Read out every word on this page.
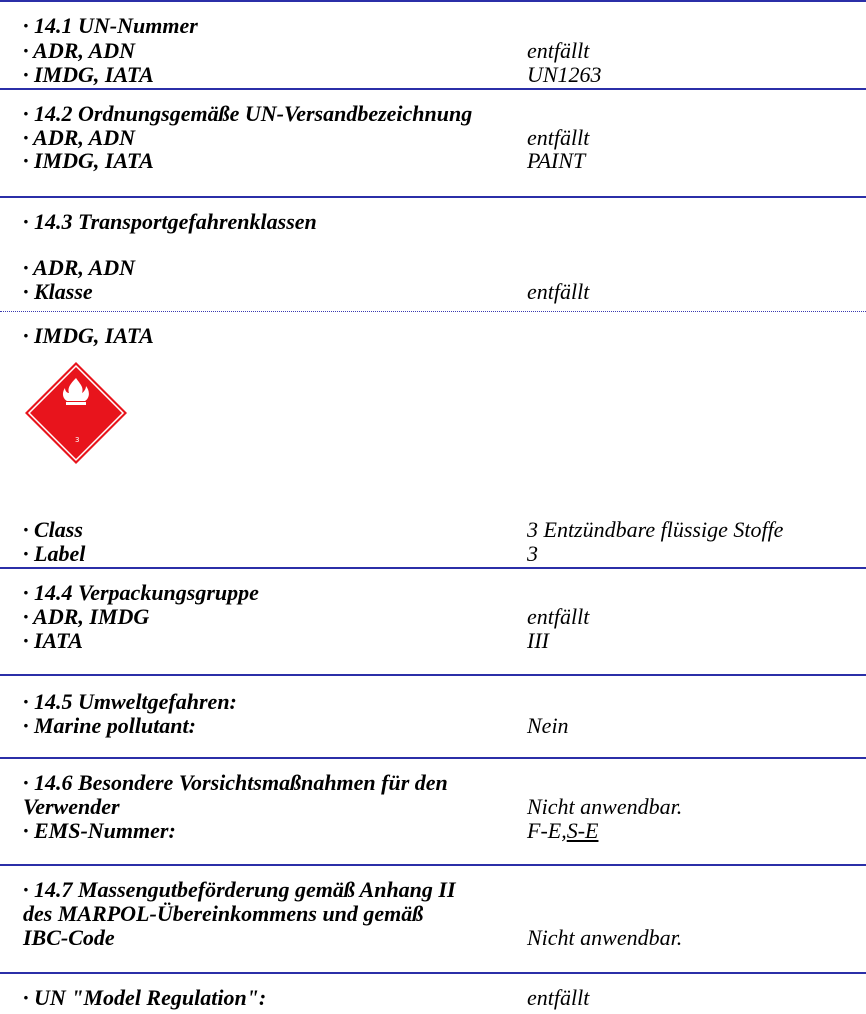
· 14.1 UN-Nummer
· ADR, ADN	entfällt
· IMDG, IATA	UN1263
· 14.2 Ordnungsgemäße UN-Versandbezeichnung
· ADR, ADN	entfällt
· IMDG, IATA	PAINT
· 14.3 Transportgefahrenklassen
· ADR, ADN
· Klasse	entfällt
· IMDG, IATA
3
· Class	3 Entzündbare flüssige Stoffe
· Label	3
· 14.4 Verpackungsgruppe
· ADR, IMDG	entfällt
· IATA	III
· 14.5 Umweltgefahren:
· Marine pollutant:	Nein
· 14.6 Besondere Vorsichtsmaßnahmen für den
Verwender	Nicht anwendbar.
· EMS-Nummer:	F-E,S-E
· 14.7 Massengutbeförderung gemäß Anhang II
des MARPOL-Übereinkommens und gemäß
IBC-Code	Nicht anwendbar.
· UN "Model Regulation":	entfällt
